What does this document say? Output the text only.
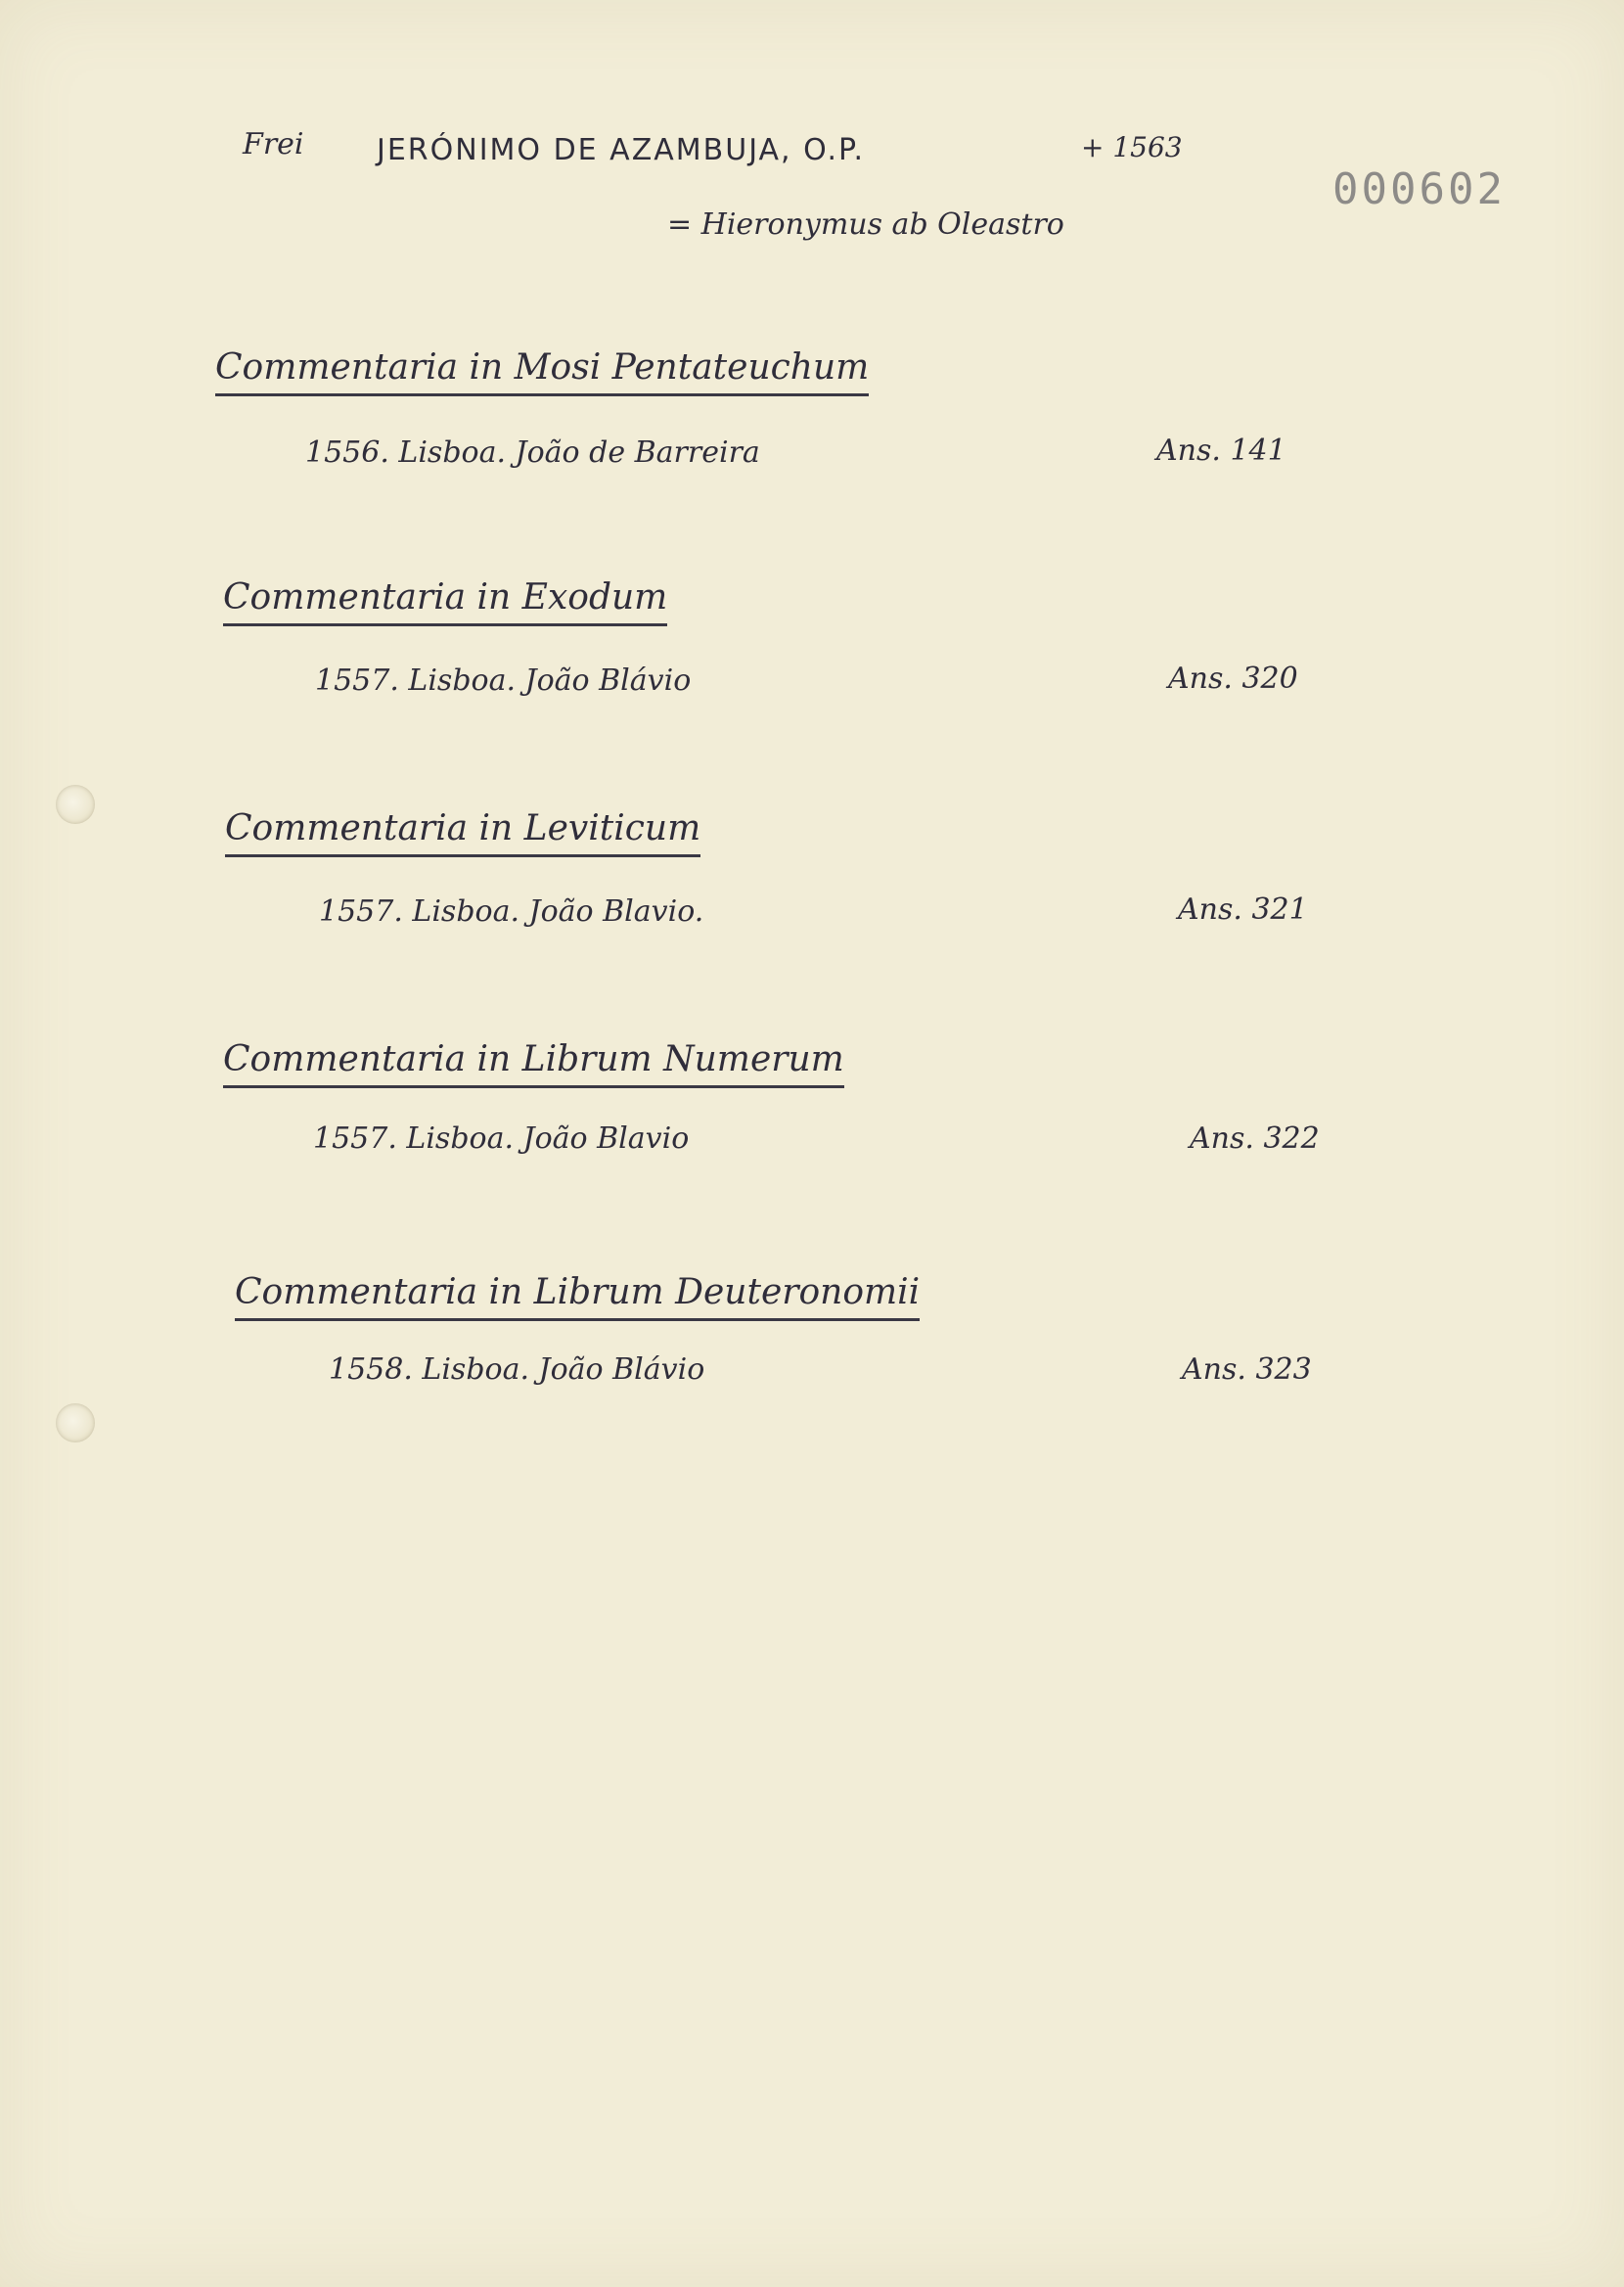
Frei JERÓNIMO DE AZAMBUJA, O.P.	+ 1563
= Hieronymus ab Oleastro
000602
Commentaria in Mosi Pentateuchum
1556. Lisboa. João de Barreira	Ans. 141
Commentaria in Exodum
1557. Lisboa. João Blávio	Ans. 320
Commentaria in Leviticum
1557. Lisboa. João Blavio.	Ans. 321
Commentaria in Librum Numerum
1557. Lisboa. João Blavio	Ans. 322
Commentaria in Librum Deuteronomii
1558. Lisboa. João Blávio	Ans. 323
